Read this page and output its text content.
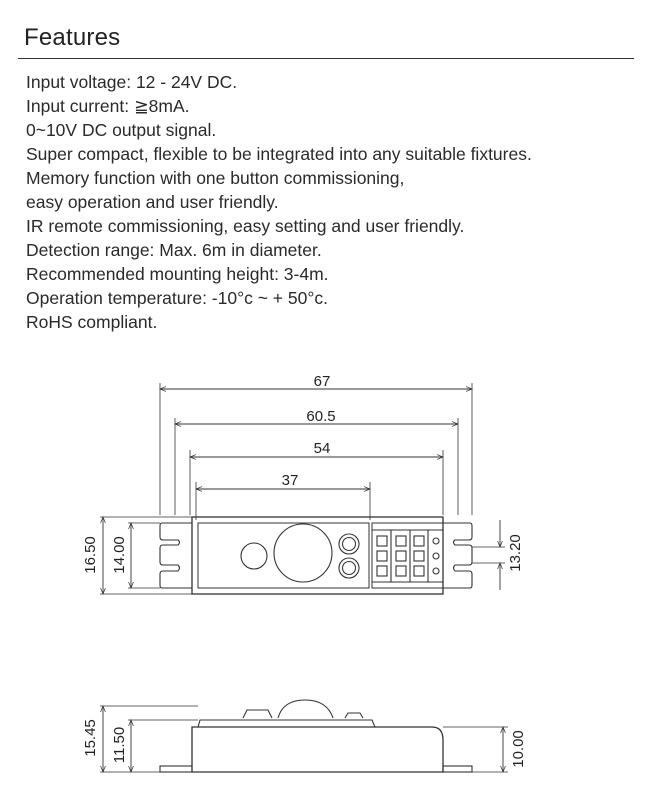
Features
Input voltage: 12 - 24V DC.
Input current: ≧8mA.
0~10V DC output signal.
Super compact, flexible to be integrated into any suitable fixtures.
Memory function with one button commissioning,
easy operation and user friendly.
IR remote commissioning, easy setting and user friendly.
Detection range: Max. 6m in diameter.
Recommended mounting height: 3-4m.
Operation temperature: -10°c ~ + 50°c.
RoHS compliant.
67
60.5
54
37
16.50 14.00	13.20
15.45 11.50	10.00
